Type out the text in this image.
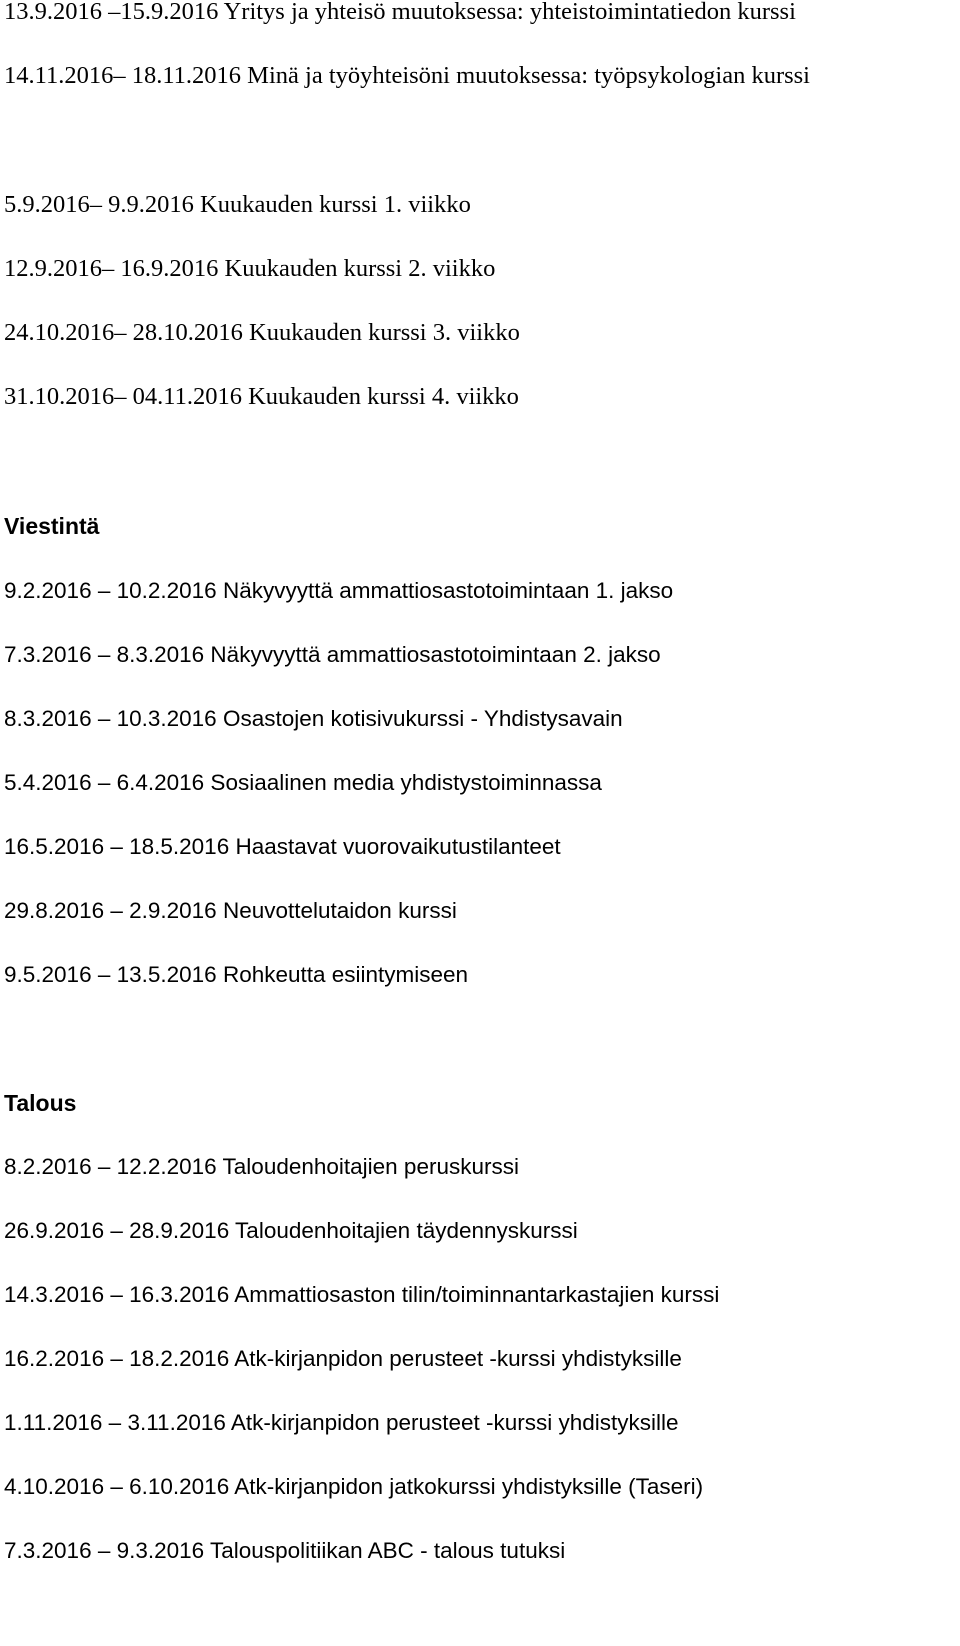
13.9.2016 –15.9.2016 Yritys ja yhteisö muutoksessa: yhteistoimintatiedon kurssi
14.11.2016– 18.11.2016 Minä ja työyhteisöni muutoksessa: työpsykologian kurssi
5.9.2016– 9.9.2016 Kuukauden kurssi 1. viikko
12.9.2016– 16.9.2016 Kuukauden kurssi 2. viikko
24.10.2016– 28.10.2016 Kuukauden kurssi 3. viikko
31.10.2016– 04.11.2016 Kuukauden kurssi 4. viikko
Viestintä
9.2.2016 – 10.2.2016 Näkyvyyttä ammattiosastotoimintaan 1. jakso
7.3.2016 – 8.3.2016 Näkyvyyttä ammattiosastotoimintaan 2. jakso
8.3.2016 – 10.3.2016 Osastojen kotisivukurssi - Yhdistysavain
5.4.2016 – 6.4.2016 Sosiaalinen media yhdistystoiminnassa
16.5.2016 – 18.5.2016 Haastavat vuorovaikutustilanteet
29.8.2016 – 2.9.2016 Neuvottelutaidon kurssi
9.5.2016 – 13.5.2016 Rohkeutta esiintymiseen
Talous
8.2.2016 – 12.2.2016 Taloudenhoitajien peruskurssi
26.9.2016 – 28.9.2016 Taloudenhoitajien täydennyskurssi
14.3.2016 – 16.3.2016 Ammattiosaston tilin/toiminnantarkastajien kurssi
16.2.2016 – 18.2.2016 Atk-kirjanpidon perusteet -kurssi yhdistyksille
1.11.2016 – 3.11.2016 Atk-kirjanpidon perusteet -kurssi yhdistyksille
4.10.2016 – 6.10.2016 Atk-kirjanpidon jatkokurssi yhdistyksille (Taseri)
7.3.2016 – 9.3.2016 Talouspolitiikan ABC - talous tutuksi
